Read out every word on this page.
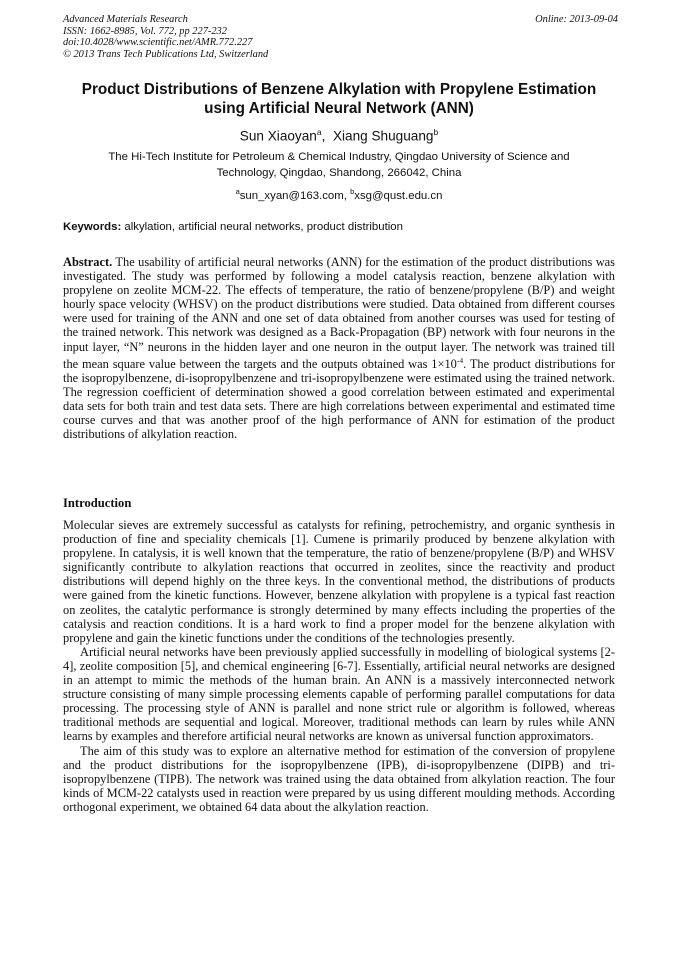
Advanced Materials Research
ISSN: 1662-8985, Vol. 772, pp 227-232
doi:10.4028/www.scientific.net/AMR.772.227
© 2013 Trans Tech Publications Ltd, Switzerland
Online: 2013-09-04
Product Distributions of Benzene Alkylation with Propylene Estimation
using Artificial Neural Network (ANN)
Sun Xiaoyan$^a$,  Xiang Shuguang$^b$
The Hi-Tech Institute for Petroleum & Chemical Industry, Qingdao University of Science and
Technology, Qingdao, Shandong, 266042, China
$^a$sun_xyan@163.com, $^b$xsg@qust.edu.cn
Keywords: alkylation, artificial neural networks, product distribution
Abstract. The usability of artificial neural networks (ANN) for the estimation of the product distributions was investigated. The study was performed by following a model catalysis reaction, benzene alkylation with propylene on zeolite MCM-22. The effects of temperature, the ratio of benzene/propylene (B/P) and weight hourly space velocity (WHSV) on the product distributions were studied. Data obtained from different courses were used for training of the ANN and one set of data obtained from another courses was used for testing of the trained network. This network was designed as a Back-Propagation (BP) network with four neurons in the input layer, “N” neurons in the hidden layer and one neuron in the output layer. The network was trained till the mean square value between the targets and the outputs obtained was $1\times 10^{-4}$. The product distributions for the isopropylbenzene, di-isopropylbenzene and tri-isopropylbenzene were estimated using the trained network. The regression coefficient of determination showed a good correlation between estimated and experimental data sets for both train and test data sets. There are high correlations between experimental and estimated time course curves and that was another proof of the high performance of ANN for estimation of the product distributions of alkylation reaction.
Introduction

Molecular sieves are extremely successful as catalysts for refining, petrochemistry, and organic synthesis in production of fine and speciality chemicals [1]. Cumene is primarily produced by benzene alkylation with propylene. In catalysis, it is well known that the temperature, the ratio of benzene/propylene (B/P) and WHSV significantly contribute to alkylation reactions that occurred in zeolites, since the reactivity and product distributions will depend highly on the three keys. In the conventional method, the distributions of products were gained from the kinetic functions. However, benzene alkylation with propylene is a typical fast reaction on zeolites, the catalytic performance is strongly determined by many effects including the properties of the catalysis and reaction conditions. It is a hard work to find a proper model for the benzene alkylation with propylene and gain the kinetic functions under the conditions of the technologies presently.

Artificial neural networks have been previously applied successfully in modelling of biological systems [2-4], zeolite composition [5], and chemical engineering [6-7]. Essentially, artificial neural networks are designed in an attempt to mimic the methods of the human brain. An ANN is a massively interconnected network structure consisting of many simple processing elements capable of performing parallel computations for data processing. The processing style of ANN is parallel and none strict rule or algorithm is followed, whereas traditional methods are sequential and logical. Moreover, traditional methods can learn by rules while ANN learns by examples and therefore artificial neural networks are known as universal function approximators.

The aim of this study was to explore an alternative method for estimation of the conversion of propylene and the product distributions for the isopropylbenzene (IPB), di-isopropylbenzene (DIPB) and tri-isopropylbenzene (TIPB). The network was trained using the data obtained from alkylation reaction. The four kinds of MCM-22 catalysts used in reaction were prepared by us using different moulding methods. According orthogonal experiment, we obtained 64 data about the alkylation reaction.
